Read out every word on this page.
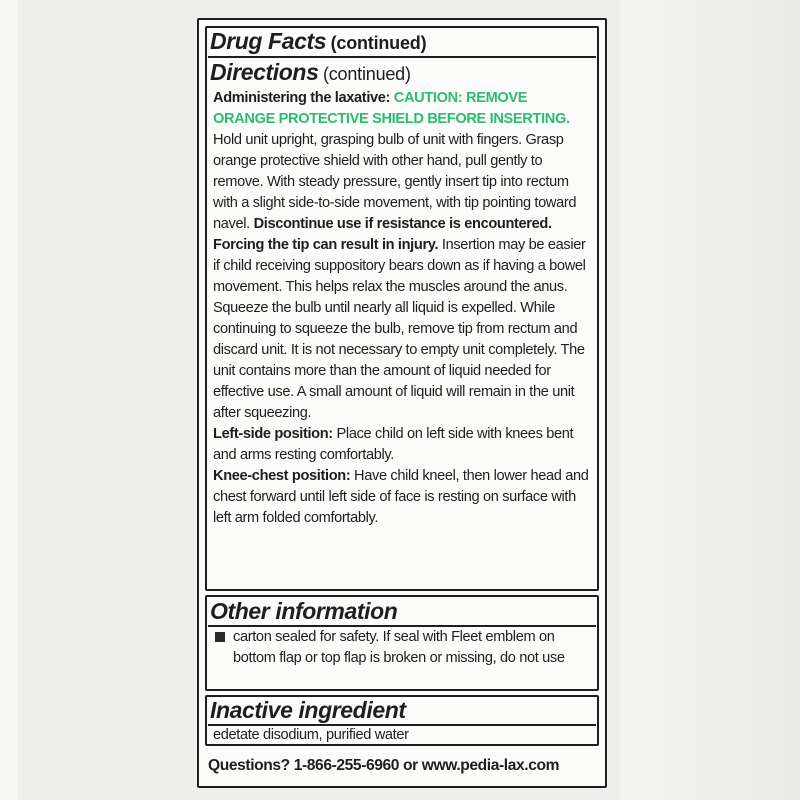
Drug Facts (continued)
Directions (continued)
Administering the laxative: CAUTION: REMOVE ORANGE PROTECTIVE SHIELD BEFORE INSERTING. Hold unit upright, grasping bulb of unit with fingers. Grasp orange protective shield with other hand, pull gently to remove. With steady pressure, gently insert tip into rectum with a slight side-to-side movement, with tip pointing toward navel. Discontinue use if resistance is encountered. Forcing the tip can result in injury. Insertion may be easier if child receiving suppository bears down as if having a bowel movement. This helps relax the muscles around the anus. Squeeze the bulb until nearly all liquid is expelled. While continuing to squeeze the bulb, remove tip from rectum and discard unit. It is not necessary to empty unit completely. The unit contains more than the amount of liquid needed for effective use. A small amount of liquid will remain in the unit after squeezing.
Left-side position: Place child on left side with knees bent and arms resting comfortably.
Knee-chest position: Have child kneel, then lower head and chest forward until left side of face is resting on surface with left arm folded comfortably.
Other information
carton sealed for safety. If seal with Fleet emblem on bottom flap or top flap is broken or missing, do not use
Inactive ingredient
edetate disodium, purified water
Questions? 1-866-255-6960 or www.pedia-lax.com
